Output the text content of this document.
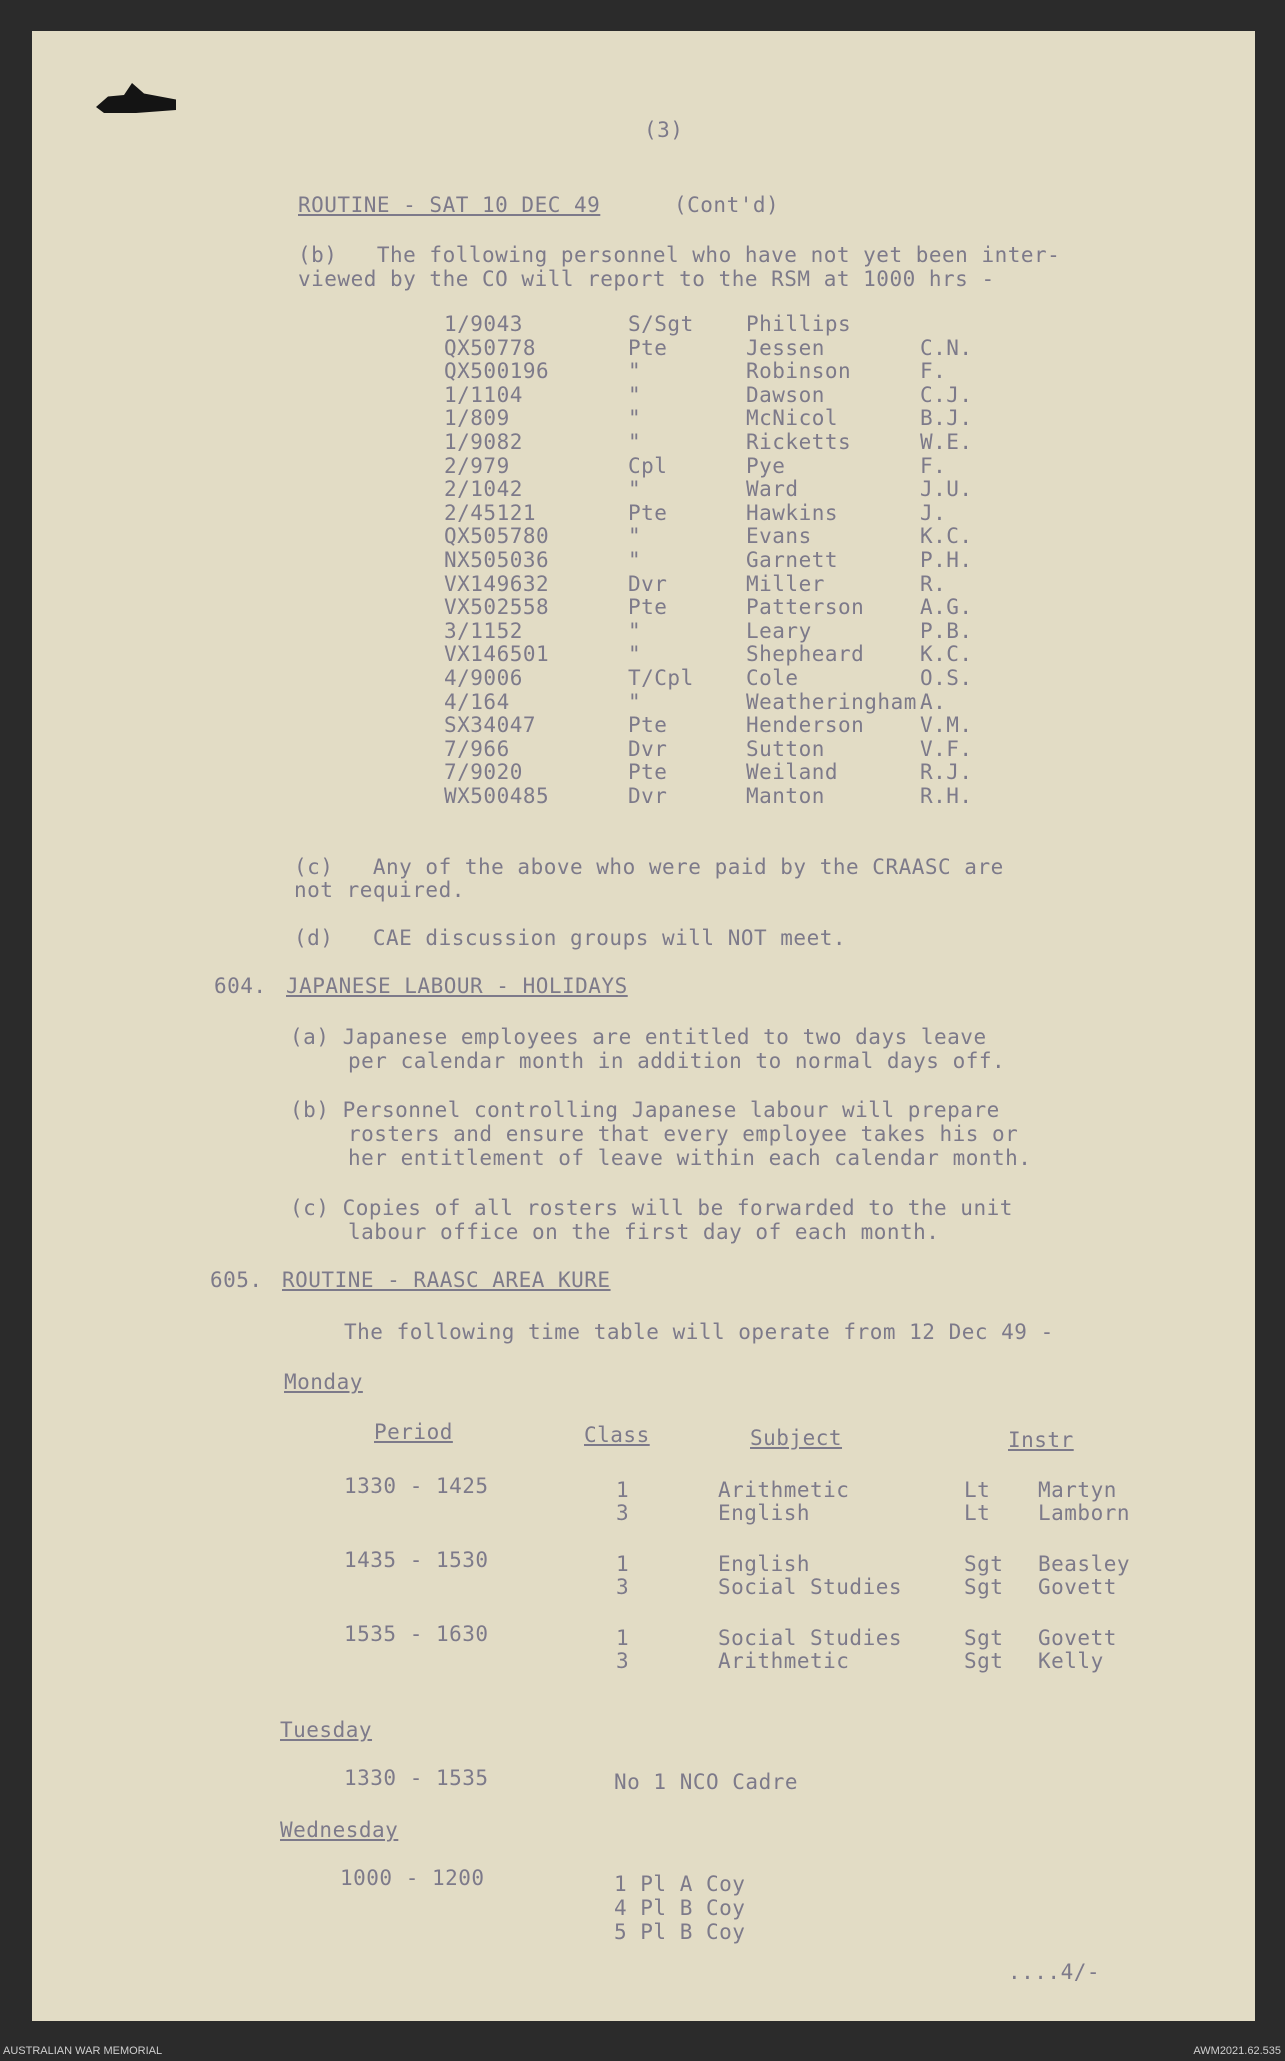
(3)
ROUTINE - SAT 10 DEC 49	(Cont'd)
(b)   The following personnel who have not yet been inter-
viewed by the CO will report to the RSM at 1000 hrs -
1/9043	S/Sgt Phillips
QX50778	Pte	Jessen	C.N.
QX500196	"	Robinson	F.
1/1104	"	Dawson	C.J.
1/809	"	McNicol	B.J.
1/9082	"	Ricketts	W.E.
2/979	Cpl	Pye	F.
2/1042	"	Ward	J.U.
2/45121	Pte	Hawkins	J.
QX505780	"	Evans	K.C.
NX505036	"	Garnett	P.H.
VX149632	Dvr	Miller	R.
VX502558	Pte	Patterson	A.G.
3/1152	"	Leary	P.B.
VX146501	"	Shepheard	K.C.
4/9006	T/Cpl Cole	O.S.
4/164	"	Weatheringham A.
SX34047	Pte	Henderson	V.M.
7/966	Dvr	Sutton	V.F.
7/9020	Pte	Weiland	R.J.
WX500485	Dvr	Manton	R.H.
(c)   Any of the above who were paid by the CRAASC are
not required.
(d)   CAE discussion groups will NOT meet.
604. JAPANESE LABOUR - HOLIDAYS
(a) Japanese employees are entitled to two days leave
per calendar month in addition to normal days off.
(b) Personnel controlling Japanese labour will prepare
rosters and ensure that every employee takes his or
her entitlement of leave within each calendar month.
(c) Copies of all rosters will be forwarded to the unit
labour office on the first day of each month.
605. ROUTINE - RAASC AREA KURE
The following time table will operate from 12 Dec 49 -
Monday
Period	Class	Subject	Instr
1330 - 1425	1	Arithmetic	Lt Martyn
3	English	Lt Lamborn
1435 - 1530	1	English	Sgt Beasley
3	Social Studies	Sgt Govett
1535 - 1630	1	Social Studies	Sgt Govett
3	Arithmetic	Sgt Kelly
Tuesday
1330 - 1535	No 1 NCO Cadre
Wednesday
1000 - 1200	1 Pl A Coy
4 Pl B Coy
5 Pl B Coy
....4/-
AUSTRALIAN WAR MEMORIAL	AWM2021.62.535
